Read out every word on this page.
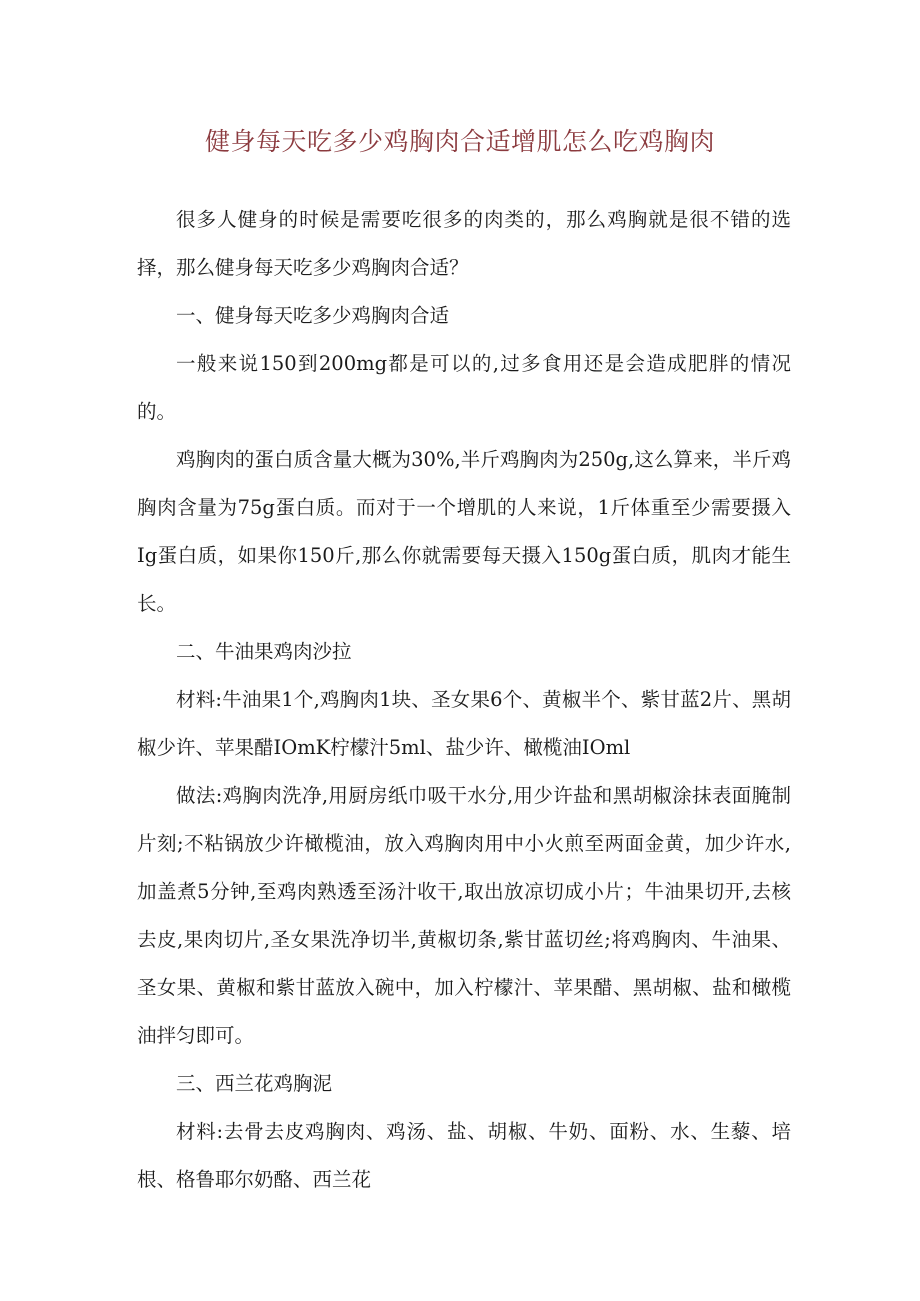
健身每天吃多少鸡胸肉合适增肌怎么吃鸡胸肉

很多人健身的时候是需要吃很多的肉类的，那么鸡胸就是很不错的选择，那么健身每天吃多少鸡胸肉合适？

一、健身每天吃多少鸡胸肉合适

一般来说150到200mg都是可以的,过多食用还是会造成肥胖的情况的。

鸡胸肉的蛋白质含量大概为30%,半斤鸡胸肉为250g,这么算来，半斤鸡胸肉含量为75g蛋白质。而对于一个增肌的人来说，1斤体重至少需要摄入Ig蛋白质，如果你150斤,那么你就需要每天摄入150g蛋白质，肌肉才能生长。

二、牛油果鸡肉沙拉

材料:牛油果1个,鸡胸肉1块、圣女果6个、黄椒半个、紫甘蓝2片、黑胡椒少许、苹果醋IOmK柠檬汁5ml、盐少许、橄榄油IOml

做法:鸡胸肉洗净,用厨房纸巾吸干水分,用少许盐和黑胡椒涂抹表面腌制片刻;不粘锅放少许橄榄油，放入鸡胸肉用中小火煎至两面金黄，加少许水,加盖煮5分钟,至鸡肉熟透至汤汁收干,取出放凉切成小片；牛油果切开,去核去皮,果肉切片,圣女果洗净切半,黄椒切条,紫甘蓝切丝;将鸡胸肉、牛油果、圣女果、黄椒和紫甘蓝放入碗中，加入柠檬汁、苹果醋、黑胡椒、盐和橄榄油拌匀即可。

三、西兰花鸡胸泥

材料:去骨去皮鸡胸肉、鸡汤、盐、胡椒、牛奶、面粉、水、生藜、培根、格鲁耶尔奶酪、西兰花
